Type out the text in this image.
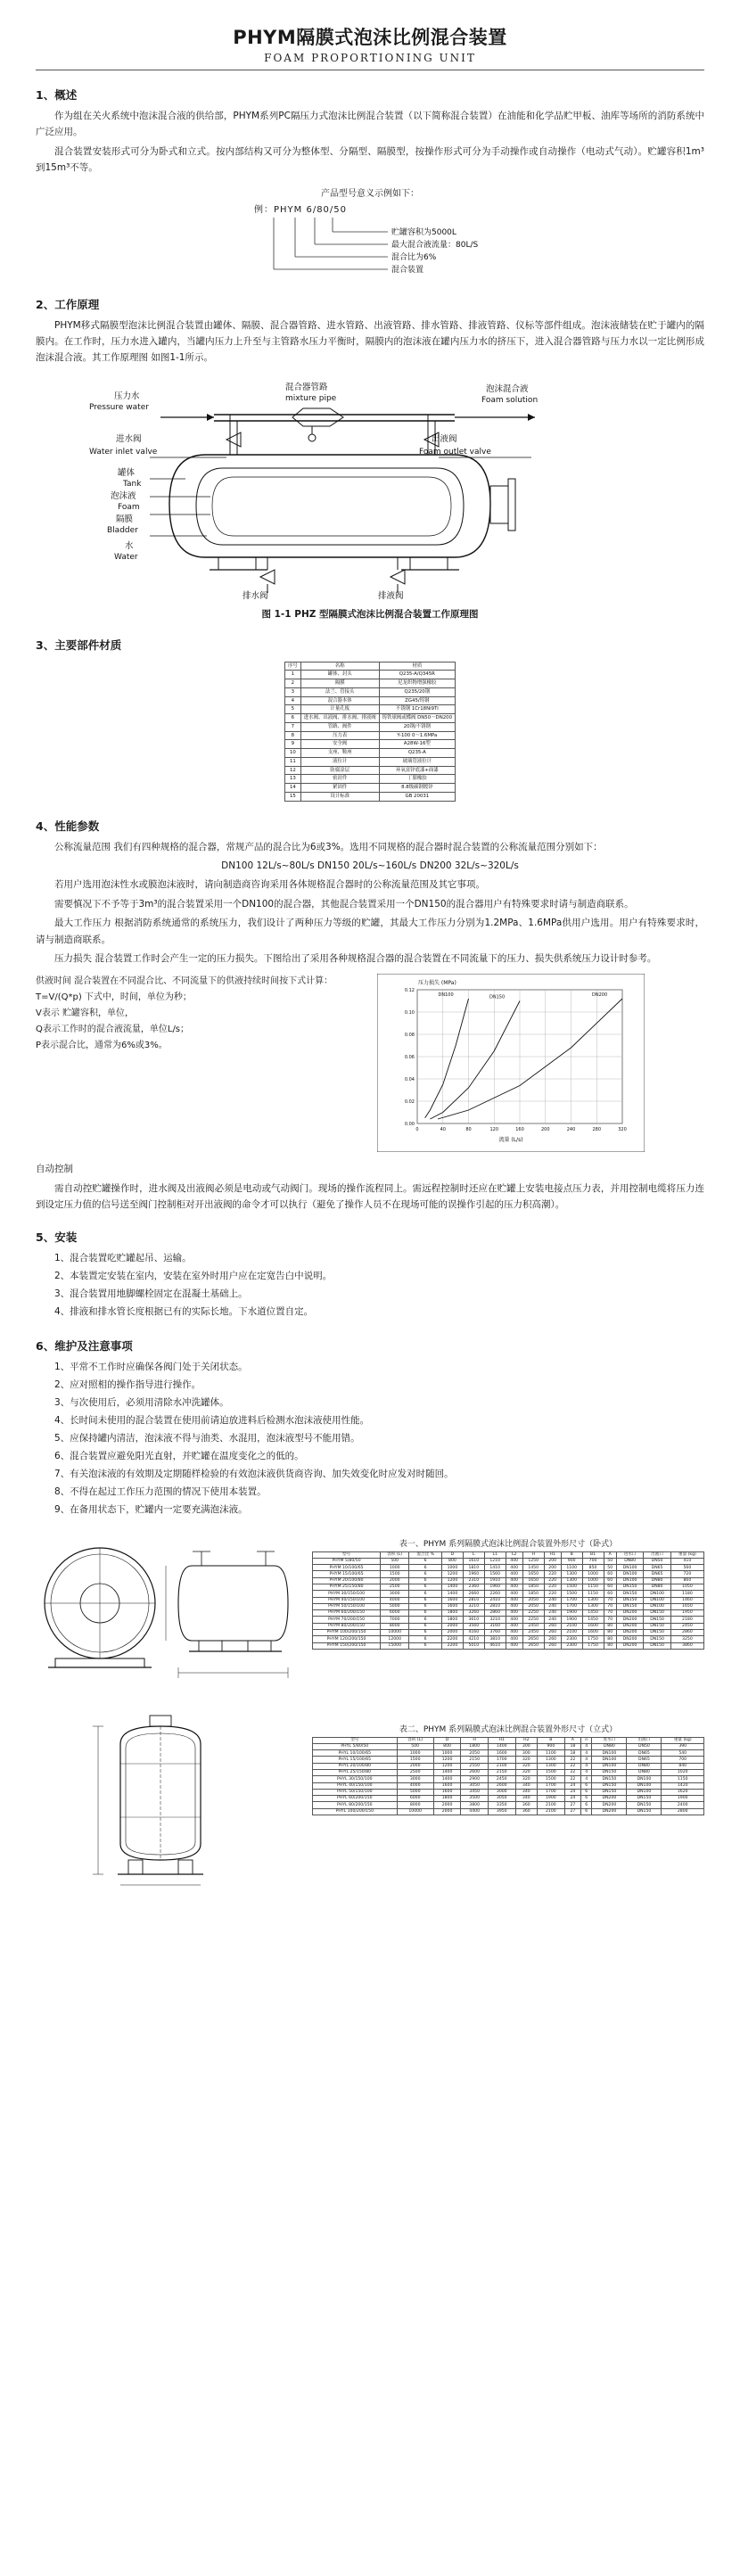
PHYM隔膜式泡沫比例混合装置
FOAM PROPORTIONING UNIT
1、概述

作为组在关火系统中泡沫混合液的供给部，PHYM系列PC隔压力式泡沫比例混合装置（以下简称混合装置）在油能和化学品贮甲板、油库等场所的消防系统中广泛应用。

混合装置安装形式可分为卧式和立式。按内部结构又可分为整体型、分隔型、隔膜型，按操作形式可分为手动操作或自动操作（电动式气动）。贮罐容积1m³到15m³不等。

产品型号意义示例如下：
例：PHYM 6/80/50
贮罐容积为5000L
最大混合液流量：80L/S
混合比为6%
混合装置
2、工作原理

PHYM移式隔膜型泡沫比例混合装置由罐体、隔膜、混合器管路、进水管路、出液管路、排水管路、排液管路、仪标等部件组成。泡沫液储装在贮于罐内的隔膜内。在工作时，压力水进入罐内，当罐内压力上升至与主管路水压力平衡时，隔膜内的泡沫液在罐内压力水的挤压下，进入混合器管路与压力水以一定比例形成泡沫混合液。其工作原理图 如图1-1所示。

压力水
Pressure water
混合器管路
mixture pipe
泡沫混合液
Foam solution
进水阀
Water inlet valve
出液阀
Foam outlet valve
罐体
Tank
泡沫液
Foam
隔膜
Bladder
水
Water
排水阀	排液阀
图 1-1 PHZ 型隔膜式泡沫比例混合装置工作原理图
3、主要部件材质
序号	名称	材质
1	罐体、封头	Q235-A/Q345R
2	隔膜	尼龙织物增强橡胶
3	法兰、管接头	Q235/20钢
4	混合器本体	ZG45/铸钢
5	计量孔板	不锈钢 1Cr18Ni9Ti
6	进水阀、出液阀、排水阀、排液阀	铸铁球阀或蝶阀 DN50～DN200
7	管路、阀件	20钢/不锈钢
8	压力表	Y-100 0～1.6MPa
9	安全阀	A28W-16型
10	支座、鞍座	Q235-A
11	液位计	玻璃管液位计
12	防腐涂层	环氧富锌底漆+面漆
13	密封件	丁腈橡胶
14	紧固件	8.8级碳钢镀锌
15	设计标准	GB 20031
4、性能参数

公称流量范围 我们有四种规格的混合器，常规产品的混合比为6或3%。选用不同规格的混合器时混合装置的公称流量范围分别如下：

DN100 12L/s~80L/s DN150 20L/s~160L/s DN200 32L/s~320L/s

若用户选用泡沫性水或膜泡沫液时，请向制造商咨询采用各体规格混合器时的公称流量范围及其它事项。

需要慎况下不予等于3m³的混合装置采用一个DN100的混合器，其他混合装置采用一个DN150的混合器用户有特殊要求时请与制造商联系。

最大工作压力 根据消防系统通常的系统压力，我们设计了两种压力等级的贮罐，其最大工作压力分别为1.2MPa、1.6MPa供用户选用。用户有特殊要求时，请与制造商联系。

压力损失 混合装置工作时会产生一定的压力损失。下图给出了采用各种规格混合器的混合装置在不同流量下的压力、损失供系统压力设计时参考。

供液时间 混合装置在不同混合比、不同流量下的供液持续时间按下式计算：
T=V/(Q*p) 下式中，时间，单位为秒；
V表示 贮罐容积，单位，
Q表示工作时的混合液流量，单位L/s；
P表示混合比，通常为6%或3%。
DN100	DN150	DN200
0	40	80	120	160	200	240	280	320
0.00
0.02
0.04
0.06
0.08
0.10
0.12
流量 (L/s)
压力损失 (MPa)

自动控制

需自动控贮罐操作时，进水阀及出液阀必须是电动或气动阀门。现场的操作流程同上。需远程控制时还应在贮罐上安装电接点压力表，并用控制电缆将压力连到设定压力值的信号送至阀门控制柜对开出液阀的命令才可以执行（避免了操作人员不在现场可能的误操作引起的压力积高潮）。

5、安装
1、混合装置吃贮罐起吊、运输。
2、本装置定安装在室内，安装在室外时用户应在定宽告白中说明。
3、混合装置用地脚螺栓固定在混凝土基础上。
4、排液和排水管长度根据已有的实际长地。下水道位置自定。
6、维护及注意事项
1、平常不工作时应确保各阀门处于关闭状态。
2、应对照相的操作指导进行操作。
3、与次使用后，必须用清除水冲洗罐体。
4、长时间未使用的混合装置在使用前请迫放进料后检测水泡沫液使用性能。
5、应保持罐内清洁，泡沫液不得与油类、水混用，泡沫液型号不能用错。
6、混合装置应避免阳光直射，并贮罐在温度变化之的低的。
7、有关泡沫液的有效期及定期随样检验的有效泡沫液供货商咨询、加失效变化时应发对时随回。
8、不得在起过工作压力范围的情况下使用本装置。
9、在备用状态下，贮罐内一定要充满泡沫液。
表一、PHYM 系列隔膜式泡沫比例混合装置外形尺寸（卧式）
型号	容积 (L)	混合比 %	D	L	L1	L2	H	H1	B	B1	A	进水口	出液口	重量 (kg)
PHYM 5/80/50	500	6	800	1610	1210	400	1250	200	900	700	50	DN80	DN50	410
PHYM 10/100/65	1000	6	1000	1810	1410	400	1450	200	1100	850	50	DN100	DN65	560
PHYM 15/100/65	1500	6	1200	1960	1560	400	1650	220	1300	1000	60	DN100	DN65	720
PHYM 20/100/80	2000	6	1200	2310	1910	400	1650	220	1300	1000	60	DN100	DN80	860
PHYM 25/150/80	2500	6	1400	2360	1960	400	1850	220	1500	1150	60	DN150	DN80	1050
PHYM 30/150/100	3000	6	1400	2660	2260	400	1850	220	1500	1150	60	DN150	DN100	1180
PHYM 40/150/100	4000	6	1600	2810	2410	400	2050	240	1700	1300	70	DN150	DN100	1460
PHYM 50/150/100	5000	6	1600	3210	2810	400	2050	240	1700	1300	70	DN150	DN100	1650
PHYM 60/200/150	6000	6	1800	3260	2860	400	2250	240	1900	1450	70	DN200	DN150	1950
PHYM 70/200/150	7000	6	1800	3610	3210	400	2250	240	1900	1450	70	DN200	DN150	2180
PHYM 80/200/150	8000	6	2000	3560	3160	400	2450	260	2100	1600	80	DN200	DN150	2450
PHYM 100/200/150	10000	6	2000	4160	3760	400	2450	260	2100	1600	80	DN200	DN150	2860
PHYM 120/200/150	12000	6	2200	4210	3810	400	2650	260	2300	1750	80	DN200	DN150	3250
PHYM 150/200/150	15000	6	2200	5010	4610	400	2650	260	2300	1750	80	DN200	DN150	3860
表二、PHYM 系列隔膜式泡沫比例混合装置外形尺寸（立式）
型号	容积 (L)	D	H	H1	H2	B	A	n	进水口	出液口	重量 (kg)
PHYL 5/80/50	500	800	1800	1400	300	900	18	4	DN80	DN50	390
PHYL 10/100/65	1000	1000	2050	1600	300	1100	18	4	DN100	DN65	540
PHYL 15/100/65	1500	1200	2150	1700	320	1300	22	4	DN100	DN65	700
PHYL 20/100/80	2000	1200	2550	2100	320	1300	22	4	DN100	DN80	840
PHYL 25/150/80	2500	1400	2600	2150	320	1500	22	4	DN150	DN80	1020
PHYL 30/150/100	3000	1400	2900	2450	320	1500	22	4	DN150	DN100	1150
PHYL 40/150/100	4000	1600	3050	2600	340	1700	24	6	DN150	DN100	1420
PHYL 50/150/100	5000	1600	3450	3000	340	1700	24	6	DN150	DN100	1620
PHYL 60/200/150	6000	1800	3500	3050	340	1900	24	6	DN200	DN150	1900
PHYL 80/200/150	8000	2000	3800	3350	360	2100	27	6	DN200	DN150	2400
PHYL 100/200/150	10000	2000	4400	3950	360	2100	27	6	DN200	DN150	2800
